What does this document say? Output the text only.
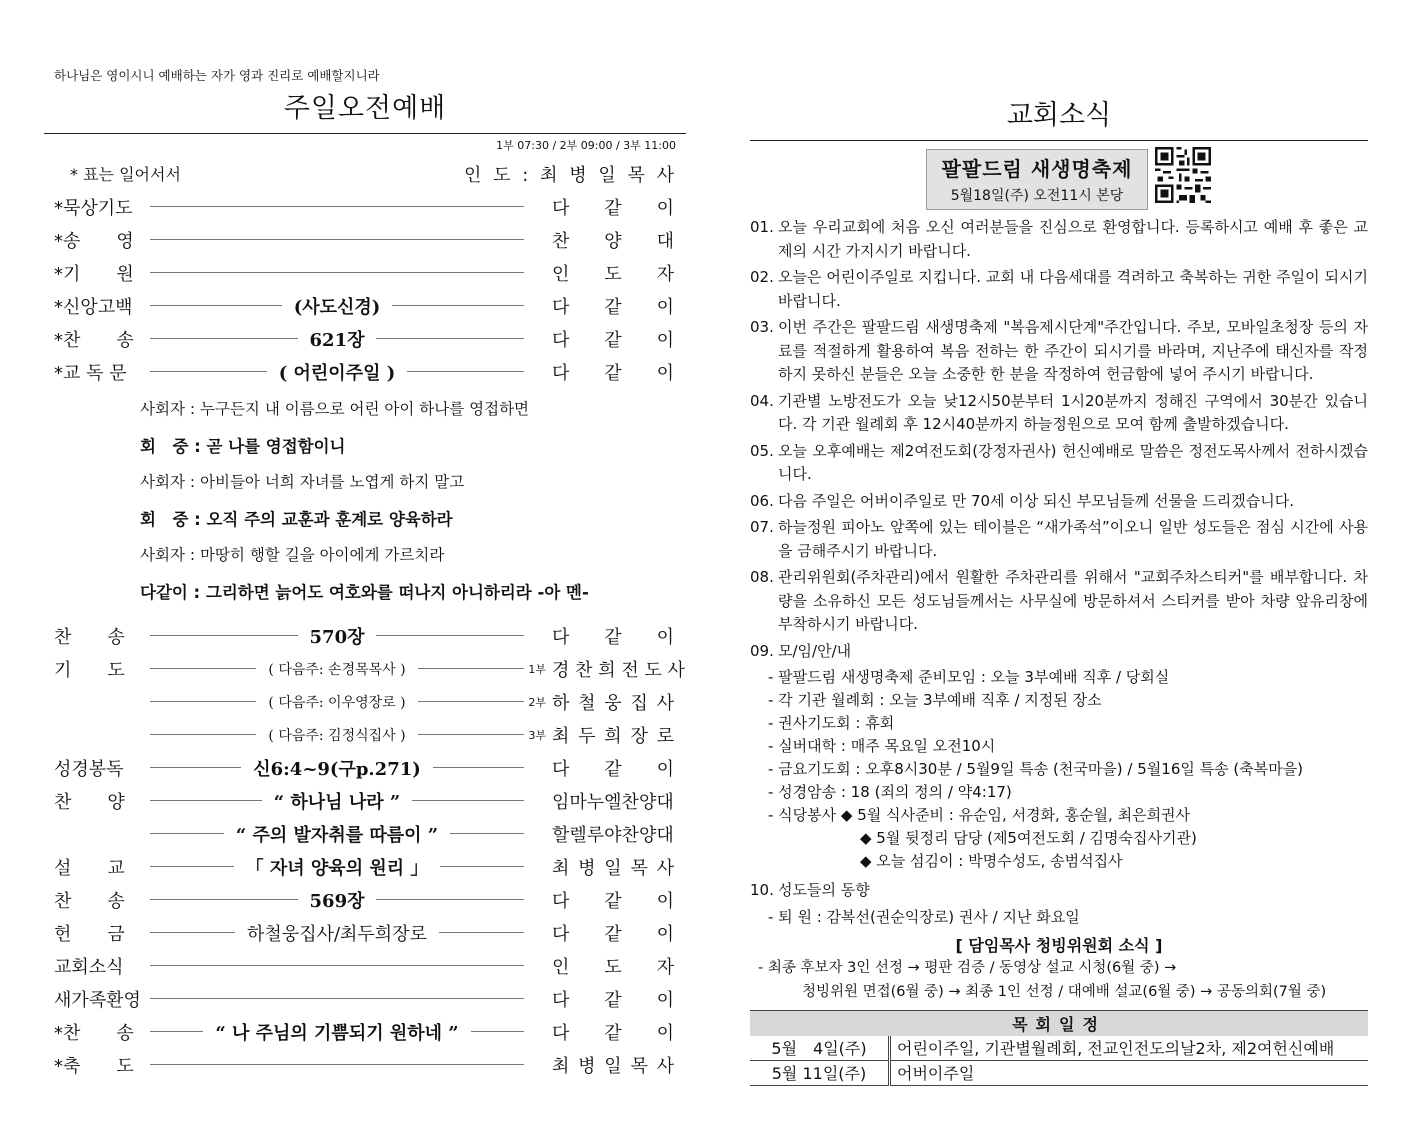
하나님은 영이시니 예배하는 자가 영과 진리로 예배할지니라
주일오전예배
1부 07:30 / 2부 09:00 / 3부 11:00
* 표는 일어서서	인 도 : 최 병 일 목 사
*묵상기도	다 같 이
*송　　영	찬 양 대
*기　　원	인 도 자
*신앙고백	(사도신경)	다 같 이
*찬　　송	621장	다 같 이
*교 독 문	( 어린이주일 )	다 같 이
사회자 : 누구든지 내 이름으로 어린 아이 하나를 영접하면
회　중 : 곧 나를 영접함이니
사회자 : 아비들아 너희 자녀를 노엽게 하지 말고
회　중 : 오직 주의 교훈과 훈계로 양육하라
사회자 : 마땅히 행할 길을 아이에게 가르치라
다같이 : 그리하면 늙어도 여호와를 떠나지 아니하리라 -아 멘-
찬　　송	570장	다 같 이
기　　도	( 다음주: 손경목목사 )	1부 경 찬 희 전 도 사
( 다음주: 이우영장로 )	2부 하 철 웅 집 사
( 다음주: 김정식집사 )	3부 최 두 희 장 로
성경봉독	신6:4~9(구p.271)	다 같 이
찬　　양	“ 하나님 나라 ”	임마누엘찬양대
“ 주의 발자취를 따름이 ”	할렐루야찬양대
설　　교	「 자녀 양육의 원리 」	최 병 일 목 사
찬　　송	569장	다 같 이
헌　　금	하철웅집사/최두희장로	다 같 이
교회소식	인 도 자
새가족환영	다 같 이
*찬　　송	“ 나 주님의 기쁨되기 원하네 ”	다 같 이
*축　　도	최 병 일 목 사
교회소식
팔팔드림 새생명축제
5월18일(주) 오전11시 본당
01. 오늘 우리교회에 처음 오신 여러분들을 진심으로 환영합니다. 등록하시고 예배 후 좋은 교제의 시간 가지시기 바랍니다.
02. 오늘은 어린이주일로 지킵니다. 교회 내 다음세대를 격려하고 축복하는 귀한 주일이 되시기 바랍니다.
03. 이번 주간은 팔팔드림 새생명축제 "복음제시단계"주간입니다. 주보, 모바일초청장 등의 자료를 적절하게 활용하여 복음 전하는 한 주간이 되시기를 바라며, 지난주에 태신자를 작정하지 못하신 분들은 오늘 소중한 한 분을 작정하여 헌금함에 넣어 주시기 바랍니다.
04. 기관별 노방전도가 오늘 낮12시50분부터 1시20분까지 정해진 구역에서 30분간 있습니다. 각 기관 월례회 후 12시40분까지 하늘정원으로 모여 함께 출발하겠습니다.
05. 오늘 오후예배는 제2여전도회(강정자권사) 헌신예배로 말씀은 정전도목사께서 전하시겠습니다.
06. 다음 주일은 어버이주일로 만 70세 이상 되신 부모님들께 선물을 드리겠습니다.
07. 하늘정원 피아노 앞쪽에 있는 테이블은 “새가족석”이오니 일반 성도들은 점심 시간에 사용을 금해주시기 바랍니다.
08. 관리위원회(주차관리)에서 원활한 주차관리를 위해서 "교회주차스티커"를 배부합니다. 차량을 소유하신 모든 성도님들께서는 사무실에 방문하셔서 스티커를 받아 차량 앞유리창에 부착하시기 바랍니다.
09. 모/임/안/내
- 팔팔드림 새생명축제 준비모임 : 오늘 3부예배 직후 / 당회실
- 각 기관 월례회 : 오늘 3부예배 직후 / 지정된 장소
- 권사기도회 : 휴회
- 실버대학 : 매주 목요일 오전10시
- 금요기도회 : 오후8시30분 / 5월9일 특송 (천국마을) / 5월16일 특송 (축복마을)
- 성경암송 : 18 (죄의 정의 / 약4:17)
- 식당봉사 ◆ 5월 식사준비 : 유순임, 서경화, 홍순월, 최은희권사
◆ 5월 뒷정리 담당 (제5여전도회 / 김명숙집사기관)
◆ 오늘 섬김이 : 박명수성도, 송범석집사
10. 성도들의 동향
- 퇴 원 : 감복선(권순익장로) 권사 / 지난 화요일
[ 담임목사 청빙위원회 소식 ]
- 최종 후보자 3인 선정 → 평판 검증 / 동영상 설교 시청(6월 중) →
청빙위원 면접(6월 중) → 최종 1인 선정 / 대예배 설교(6월 중) → 공동의회(7월 중)
목회일정	
5월　4일(주)	어린이주일, 기관별월례회, 전교인전도의날2차, 제2여헌신예배
5월 11일(주)	어버이주일
